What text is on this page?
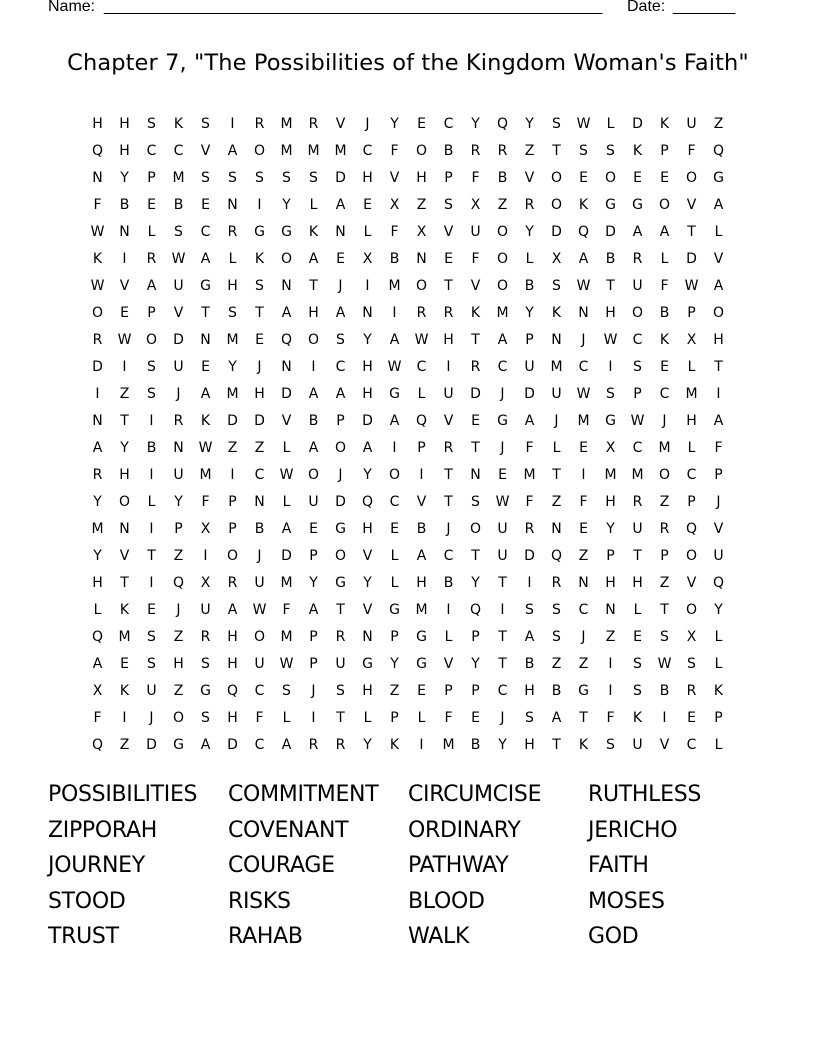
Name: ________________________________________________________ Date: _______
Chapter 7, "The Possibilities of the Kingdom Woman's Faith"
H	H	S	K	S	I	R	M	R	V	J	Y	E	C	Y	Q	Y	S	W	L	D	K	U	Z
Q	H	C	C	V	A	O	M	M	M	C	F	O	B	R	R	Z	T	S	S	K	P	F	Q
N	Y	P	M	S	S	S	S	S	D	H	V	H	P	F	B	V	O	E	O	E	E	O	G
F	B	E	B	E	N	I	Y	L	A	E	X	Z	S	X	Z	R	O	K	G	G	O	V	A
W	N	L	S	C	R	G	G	K	N	L	F	X	V	U	O	Y	D	Q	D	A	A	T	L
K	I	R	W	A	L	K	O	A	E	X	B	N	E	F	O	L	X	A	B	R	L	D	V
W	V	A	U	G	H	S	N	T	J	I	M	O	T	V	O	B	S	W	T	U	F	W	A
O	E	P	V	T	S	T	A	H	A	N	I	R	R	K	M	Y	K	N	H	O	B	P	O
R	W	O	D	N	M	E	Q	O	S	Y	A	W	H	T	A	P	N	J	W	C	K	X	H
D	I	S	U	E	Y	J	N	I	C	H	W	C	I	R	C	U	M	C	I	S	E	L	T
I	Z	S	J	A	M	H	D	A	A	H	G	L	U	D	J	D	U	W	S	P	C	M	I
N	T	I	R	K	D	D	V	B	P	D	A	Q	V	E	G	A	J	M	G	W	J	H	A
A	Y	B	N	W	Z	Z	L	A	O	A	I	P	R	T	J	F	L	E	X	C	M	L	F
R	H	I	U	M	I	C	W	O	J	Y	O	I	T	N	E	M	T	I	M	M	O	C	P
Y	O	L	Y	F	P	N	L	U	D	Q	C	V	T	S	W	F	Z	F	H	R	Z	P	J
M	N	I	P	X	P	B	A	E	G	H	E	B	J	O	U	R	N	E	Y	U	R	Q	V
Y	V	T	Z	I	O	J	D	P	O	V	L	A	C	T	U	D	Q	Z	P	T	P	O	U
H	T	I	Q	X	R	U	M	Y	G	Y	L	H	B	Y	T	I	R	N	H	H	Z	V	Q
L	K	E	J	U	A	W	F	A	T	V	G	M	I	Q	I	S	S	C	N	L	T	O	Y
Q	M	S	Z	R	H	O	M	P	R	N	P	G	L	P	T	A	S	J	Z	E	S	X	L
A	E	S	H	S	H	U	W	P	U	G	Y	G	V	Y	T	B	Z	Z	I	S	W	S	L
X	K	U	Z	G	Q	C	S	J	S	H	Z	E	P	P	C	H	B	G	I	S	B	R	K
F	I	J	O	S	H	F	L	I	T	L	P	L	F	E	J	S	A	T	F	K	I	E	P
Q	Z	D	G	A	D	C	A	R	R	Y	K	I	M	B	Y	H	T	K	S	U	V	C	L
POSSIBILITIES	COMMITMENT	CIRCUMCISE	RUTHLESS
ZIPPORAH	COVENANT	ORDINARY	JERICHO
JOURNEY	COURAGE	PATHWAY	FAITH
STOOD	RISKS	BLOOD	MOSES
TRUST	RAHAB	WALK	GOD
